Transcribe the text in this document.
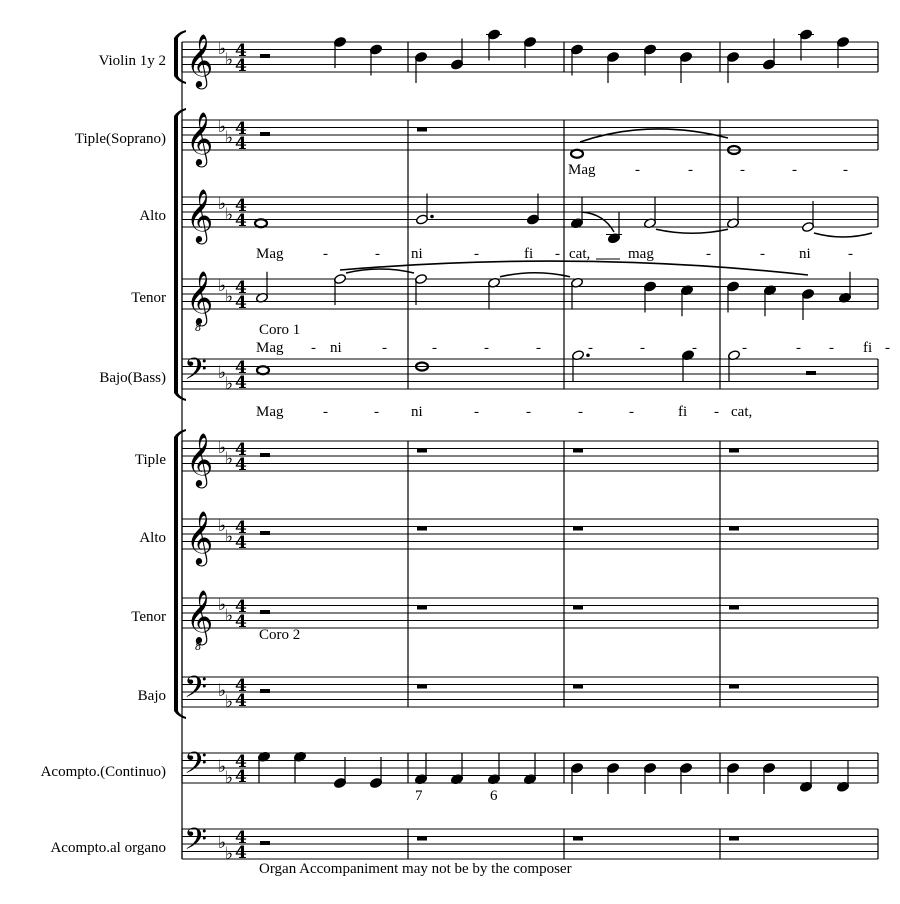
Violin 1y 2
Tiple(Soprano)
Alto
Tenor
Bajo(Bass)
Tiple
Alto
Tenor
Bajo
Acompto.(Continuo)
Acompto.al organo
𝄞 ♭
♭ 4
4
𝄞 ♭
♭ 4
4
𝄞 ♭
♭ 4
4
𝄞
8
♭
♭ 4
4
𝄢 ♭
♭
4
4
𝄞 ♭
♭ 4
4
𝄞 ♭
♭ 4
4
𝄞
8
♭
♭ 4
4
𝄢 ♭
♭
4
4
𝄢 ♭
♭
4
4
𝄢 ♭
♭
4
4
Mag	-	-	-	-	-
Mag	-	- ni	-	fi - cat,	mag	-	- ni -
Mag - ni	-	-	-	-	-	-	-	-	- - fi -
Mag	-	- ni	-	-	-	-	fi - cat,
Coro 1
Coro 2
7	6
Organ Accompaniment may not be by the composer
